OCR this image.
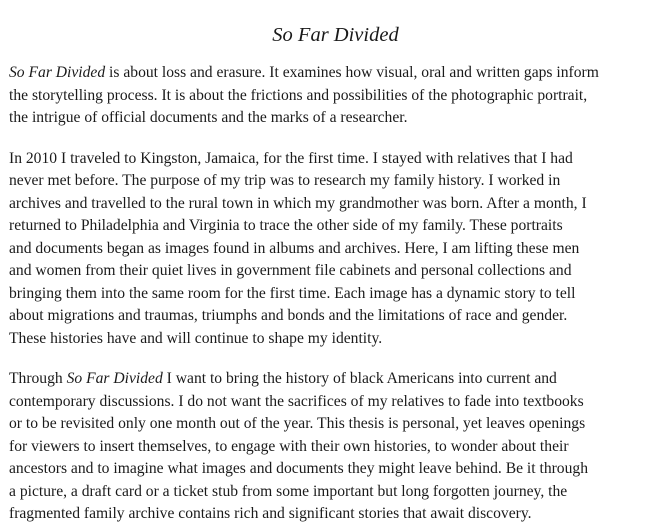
So Far Divided
So Far Divided is about loss and erasure. It examines how visual, oral and written gaps inform
the storytelling process. It is about the frictions and possibilities of the photographic portrait,
the intrigue of official documents and the marks of a researcher.
In 2010 I traveled to Kingston, Jamaica, for the first time. I stayed with relatives that I had
never met before. The purpose of my trip was to research my family history. I worked in
archives and travelled to the rural town in which my grandmother was born. After a month, I
returned to Philadelphia and Virginia to trace the other side of my family. These portraits
and documents began as images found in albums and archives. Here, I am lifting these men
and women from their quiet lives in government file cabinets and personal collections and
bringing them into the same room for the first time. Each image has a dynamic story to tell
about migrations and traumas, triumphs and bonds and the limitations of race and gender.
These histories have and will continue to shape my identity.
Through So Far Divided I want to bring the history of black Americans into current and
contemporary discussions. I do not want the sacrifices of my relatives to fade into textbooks
or to be revisited only one month out of the year. This thesis is personal, yet leaves openings
for viewers to insert themselves, to engage with their own histories, to wonder about their
ancestors and to imagine what images and documents they might leave behind. Be it through
a picture, a draft card or a ticket stub from some important but long forgotten journey, the
fragmented family archive contains rich and significant stories that await discovery.
